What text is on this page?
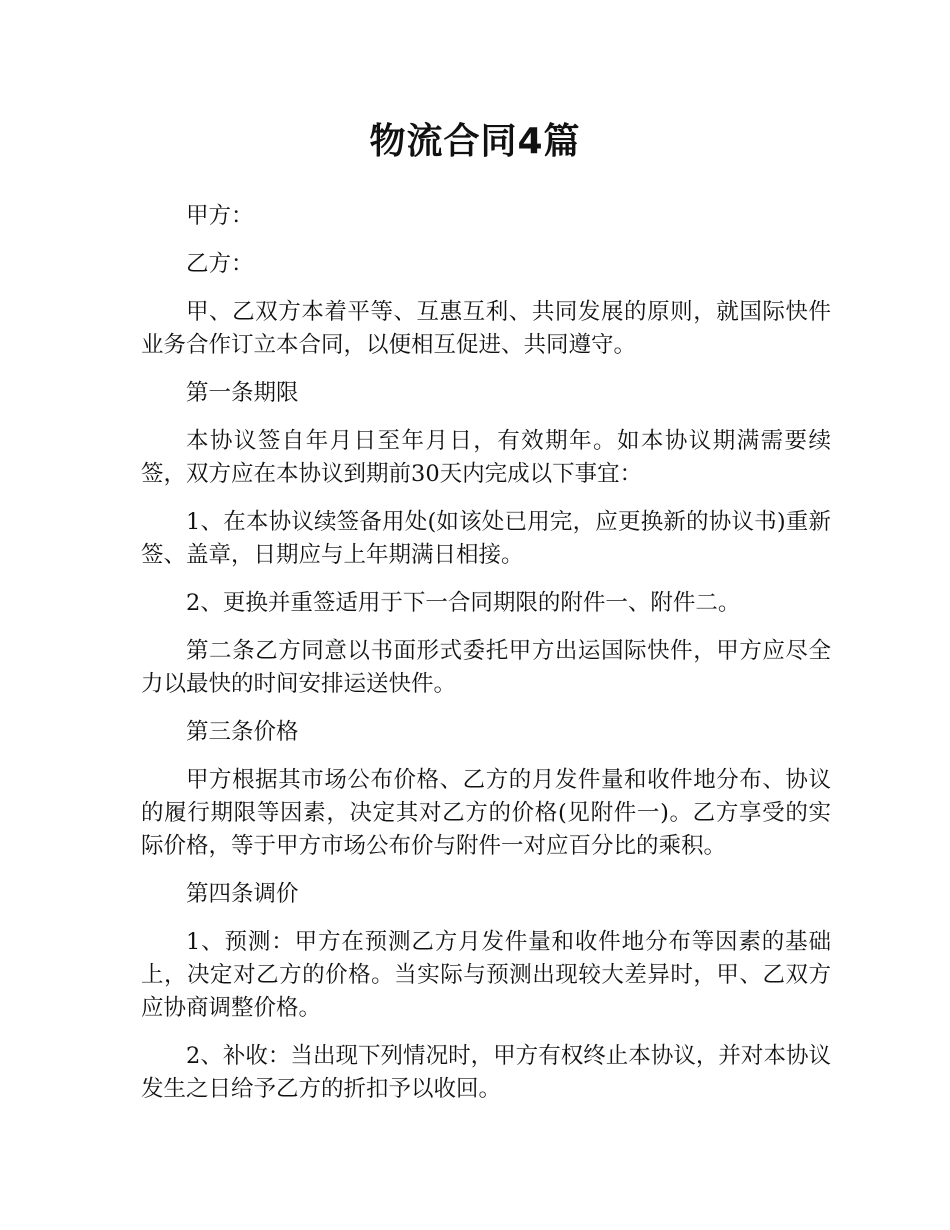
物流合同4篇

甲方：

乙方：

甲、乙双方本着平等、互惠互利、共同发展的原则，就国际快件业务合作订立本合同，以便相互促进、共同遵守。

第一条期限

本协议签自年月日至年月日，有效期年。如本协议期满需要续签，双方应在本协议到期前30天内完成以下事宜：

1、在本协议续签备用处(如该处已用完，应更换新的协议书)重新签、盖章，日期应与上年期满日相接。

2、更换并重签适用于下一合同期限的附件一、附件二。

第二条乙方同意以书面形式委托甲方出运国际快件，甲方应尽全力以最快的时间安排运送快件。

第三条价格

甲方根据其市场公布价格、乙方的月发件量和收件地分布、协议的履行期限等因素，决定其对乙方的价格(见附件一)。乙方享受的实际价格，等于甲方市场公布价与附件一对应百分比的乘积。

第四条调价

1、预测：甲方在预测乙方月发件量和收件地分布等因素的基础上，决定对乙方的价格。当实际与预测出现较大差异时，甲、乙双方应协商调整价格。

2、补收：当出现下列情况时，甲方有权终止本协议，并对本协议发生之日给予乙方的折扣予以收回。
